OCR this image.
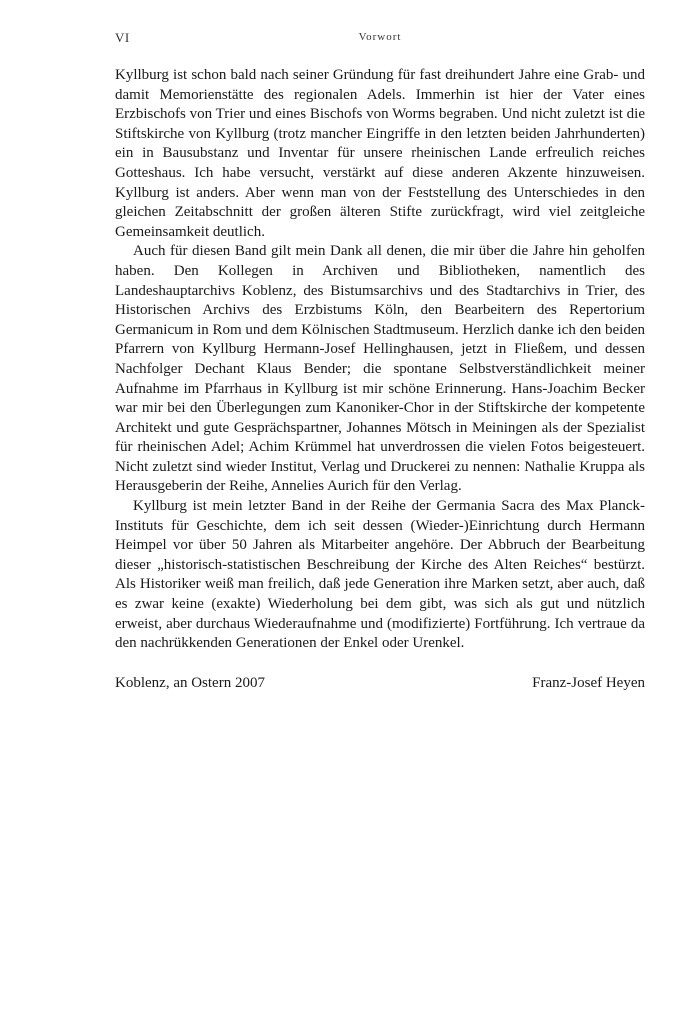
VI	Vorwort

Kyllburg ist schon bald nach seiner Gründung für fast dreihundert Jahre eine Grab- und damit Memorienstätte des regionalen Adels. Immerhin ist hier der Vater eines Erzbischofs von Trier und eines Bischofs von Worms begraben. Und nicht zuletzt ist die Stiftskirche von Kyllburg (trotz mancher Eingriffe in den letzten beiden Jahrhunderten) ein in Bausubstanz und Inventar für unsere rheinischen Lande erfreulich reiches Gotteshaus. Ich habe versucht, verstärkt auf diese anderen Akzente hinzuweisen. Kyllburg ist anders. Aber wenn man von der Feststellung des Unterschiedes in den gleichen Zeitabschnitt der großen älteren Stifte zurückfragt, wird viel zeitgleiche Gemeinsamkeit deutlich.

Auch für diesen Band gilt mein Dank all denen, die mir über die Jahre hin geholfen haben. Den Kollegen in Archiven und Bibliotheken, namentlich des Landeshauptarchivs Koblenz, des Bistumsarchivs und des Stadtarchivs in Trier, des Historischen Archivs des Erzbistums Köln, den Bearbeitern des Repertorium Germanicum in Rom und dem Kölnischen Stadtmuseum. Herzlich danke ich den beiden Pfarrern von Kyllburg Hermann-Josef Hellinghausen, jetzt in Fließem, und dessen Nachfolger Dechant Klaus Bender; die spontane Selbstverständlichkeit meiner Aufnahme im Pfarrhaus in Kyllburg ist mir schöne Erinnerung. Hans-Joachim Becker war mir bei den Überlegungen zum Kanoniker-Chor in der Stiftskirche der kompetente Architekt und gute Gesprächspartner, Johannes Mötsch in Meiningen als der Spezialist für rheinischen Adel; Achim Krümmel hat unverdrossen die vielen Fotos beigesteuert. Nicht zuletzt sind wieder Institut, Verlag und Druckerei zu nennen: Nathalie Kruppa als Herausgeberin der Reihe, Annelies Aurich für den Verlag.

Kyllburg ist mein letzter Band in der Reihe der Germania Sacra des Max Planck-Instituts für Geschichte, dem ich seit dessen (Wieder-)Einrichtung durch Hermann Heimpel vor über 50 Jahren als Mitarbeiter angehöre. Der Abbruch der Bearbeitung dieser „historisch-statistischen Beschreibung der Kirche des Alten Reiches“ bestürzt. Als Historiker weiß man freilich, daß jede Generation ihre Marken setzt, aber auch, daß es zwar keine (exakte) Wiederholung bei dem gibt, was sich als gut und nützlich erweist, aber durchaus Wiederaufnahme und (modifizierte) Fortführung. Ich vertraue da den nachrükkenden Generationen der Enkel oder Urenkel.

Koblenz, an Ostern 2007	Franz-Josef Heyen
